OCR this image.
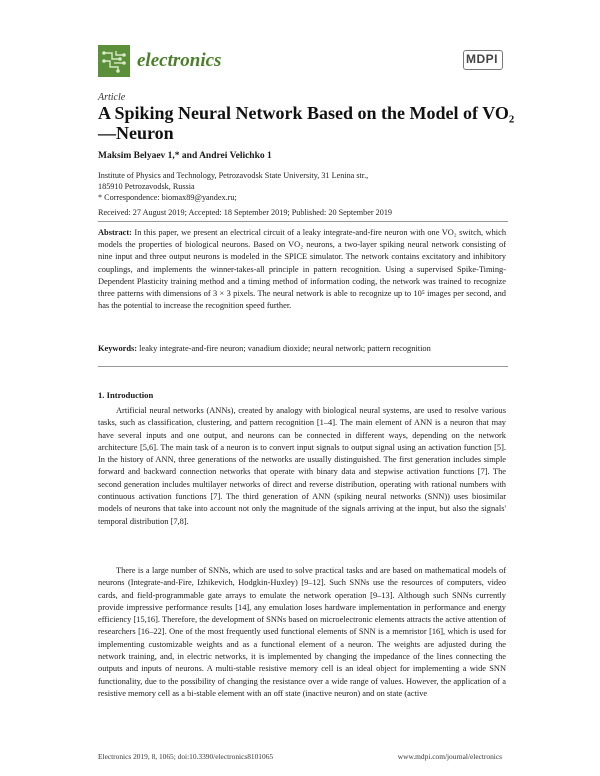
electronics	MDPI
Article
A Spiking Neural Network Based on the Model of VO₂—Neuron
Maksim Belyaev 1,* and Andrei Velichko 1
Institute of Physics and Technology, Petrozavodsk State University, 31 Lenina str.,
185910 Petrozavodsk, Russia
* Correspondence: biomax89@yandex.ru;
Received: 27 August 2019; Accepted: 18 September 2019; Published: 20 September 2019

Abstract: In this paper, we present an electrical circuit of a leaky integrate-and-fire neuron with one VO₂ switch, which models the properties of biological neurons. Based on VO₂ neurons, a two-layer spiking neural network consisting of nine input and three output neurons is modeled in the SPICE simulator. The network contains excitatory and inhibitory couplings, and implements the winner-takes-all principle in pattern recognition. Using a supervised Spike-Timing-Dependent Plasticity training method and a timing method of information coding, the network was trained to recognize three patterns with dimensions of 3 × 3 pixels. The neural network is able to recognize up to 10⁵ images per second, and has the potential to increase the recognition speed further.

Keywords: leaky integrate-and-fire neuron; vanadium dioxide; neural network; pattern recognition

1. Introduction

Artificial neural networks (ANNs), created by analogy with biological neural systems, are used to resolve various tasks, such as classification, clustering, and pattern recognition [1–4]. The main element of ANN is a neuron that may have several inputs and one output, and neurons can be connected in different ways, depending on the network architecture [5,6]. The main task of a neuron is to convert input signals to output signal using an activation function [5]. In the history of ANN, three generations of the networks are usually distinguished. The first generation includes simple forward and backward connection networks that operate with binary data and stepwise activation functions [7]. The second generation includes multilayer networks of direct and reverse distribution, operating with rational numbers with continuous activation functions [7]. The third generation of ANN (spiking neural networks (SNN)) uses biosimilar models of neurons that take into account not only the magnitude of the signals arriving at the input, but also the signals' temporal distribution [7,8].

There is a large number of SNNs, which are used to solve practical tasks and are based on mathematical models of neurons (Integrate-and-Fire, Izhikevich, Hodgkin-Huxley) [9–12]. Such SNNs use the resources of computers, video cards, and field-programmable gate arrays to emulate the network operation [9–13]. Although such SNNs currently provide impressive performance results [14], any emulation loses hardware implementation in performance and energy efficiency [15,16]. Therefore, the development of SNNs based on microelectronic elements attracts the active attention of researchers [16–22]. One of the most frequently used functional elements of SNN is a memristor [16], which is used for implementing customizable weights and as a functional element of a neuron. The weights are adjusted during the network training, and, in electric networks, it is implemented by changing the impedance of the lines connecting the outputs and inputs of neurons. A multi-stable resistive memory cell is an ideal object for implementing a wide SNN functionality, due to the possibility of changing the resistance over a wide range of values. However, the application of a resistive memory cell as a bi-stable element with an off state (inactive neuron) and on state (active

Electronics 2019, 8, 1065; doi:10.3390/electronics8101065	www.mdpi.com/journal/electronics
